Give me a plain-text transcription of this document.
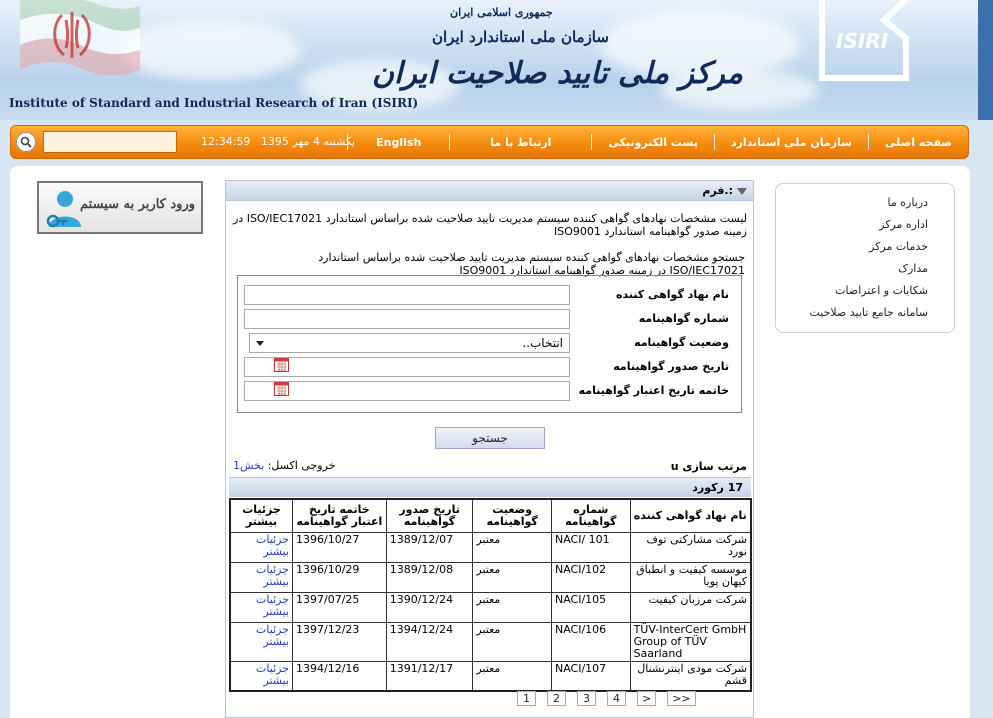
Institute of Standard and Industrial Research of Iran (ISIRI)
جمهوری اسلامی ایران
سازمان ملی استاندارد ایران
مرکز ملی تایید صلاحیت ایران
ISIRI
صفحه اصلی
سازمان ملی استاندارد
پست الکترونیکی
ارتباط با ما
English
12:34:59 یکشنبه 4 مهر 1395
ورود کاربر به سیستم	درباره ما
اداره مرکز
خدمات مرکز
مدارک
شکایات و اعتراضات
سامانه جامع تایید صلاحیت
:.فرم
لیست مشخصات نهادهای گواهی کننده سیستم مدیریت تایید صلاحیت شده براساس استاندارد ISO/IEC17021 در زمینه صدور گواهینامه استاندارد ISO9001
جستجو مشخصات نهادهای گواهی کننده سیستم مدیریت تایید صلاحیت شده براساس استاندارد ISO/IEC17021 در زمینه صدور گواهینامه استاندارد ISO9001
نام نهاد گواهی کننده
شماره گواهینامه
وضعیت گواهینامه
انتخاب..
تاریخ صدور گواهینامه
خاتمه تاریخ اعتبار گواهینامه
جستجو
مرتب سازی u
خروجی اکسل: بخش1
17 رکورد
نام نهاد گواهی کننده	شماره گواهینامه	وضعیت گواهینامه	تاریخ صدور گواهینامه	خاتمه تاریخ اعتبار گواهینامه	جزئیات بیشتر
شرکت مشارکتی توف نورد	NACI/ 101	معتبر	1389/12/07	1396/10/27	جزئیات بیشتر
موسسه کیفیت و انطباق کیهان پویا	NACI/102	معتبر	1389/12/08	1396/10/29	جزئیات بیشتر
شرکت مرزبان کیفیت	NACI/105	معتبر	1390/12/24	1397/07/25	جزئیات بیشتر
TÜV-InterCert GmbH Group of TÜV Saarland	NACI/106	معتبر	1394/12/24	1397/12/23	جزئیات بیشتر
شرکت مودی اینترنشنال قشم	NACI/107	معتبر	1391/12/17	1394/12/16	جزئیات بیشتر
1	2	3	4	>	>>
